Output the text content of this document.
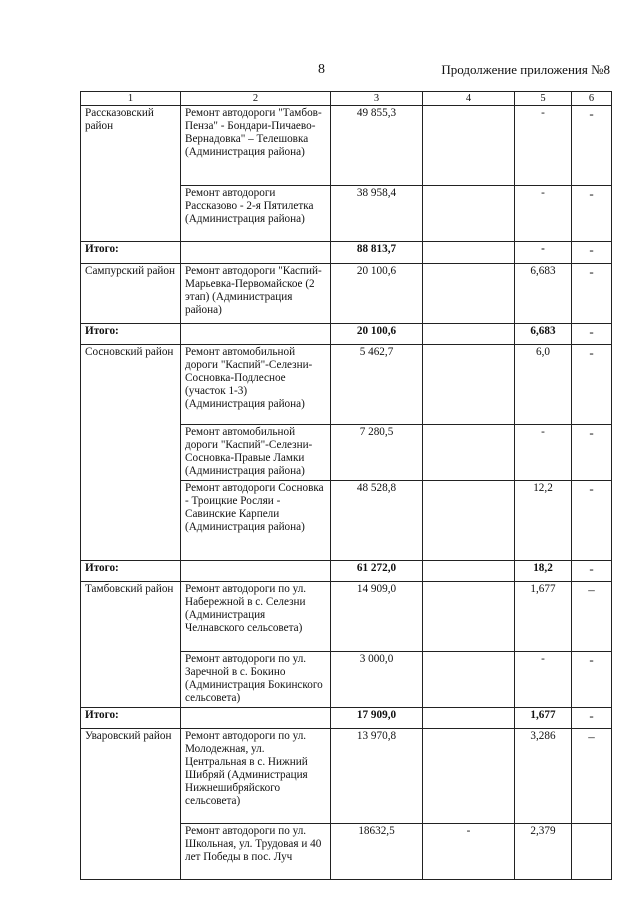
8	Продолжение приложения №8
1	2	3	4	5	6
Рассказовский район	Ремонт автодороги "Тамбов-Пенза" - Бондари-Пичаево-Вернадовка" – Телешовка (Администрация района)	49 855,3		-	-
	Ремонт автодороги Рассказово - 2-я Пятилетка (Администрация района)	38 958,4		-	-
Итого:		88 813,7		-	-
Сампурский район	Ремонт автодороги "Каспий-Марьевка-Первомайское (2 этап) (Администрация района)	20 100,6		6,683	-
Итого:		20 100,6		6,683	-
Сосновский район	Ремонт автомобильной дороги "Каспий"-Селезни-Сосновка-Подлесное (участок 1-3) (Администрация района)	5 462,7		6,0	-
	Ремонт автомобильной дороги "Каспий"-Селезни-Сосновка-Правые Ламки (Администрация района)	7 280,5		-	-
	Ремонт автодороги Сосновка - Троицкие Росляи - Савинские Карпели (Администрация района)	48 528,8		12,2	-
Итого:		61 272,0		18,2	-
Тамбовский район	Ремонт автодороги по ул. Набережной в с. Селезни (Администрация Челнавского сельсовета)	14 909,0		1,677	–
	Ремонт автодороги по ул. Заречной в с. Бокино (Администрация Бокинского сельсовета)	3 000,0		-	-
Итого:		17 909,0		1,677	-
Уваровский район	Ремонт автодороги по ул. Молодежная, ул. Центральная в с. Нижний Шибряй (Администрация Нижнешибряйского сельсовета)	13 970,8		3,286	–
	Ремонт автодороги по ул. Школьная, ул. Трудовая и 40 лет Победы в пос. Луч	18632,5	-	2,379	
